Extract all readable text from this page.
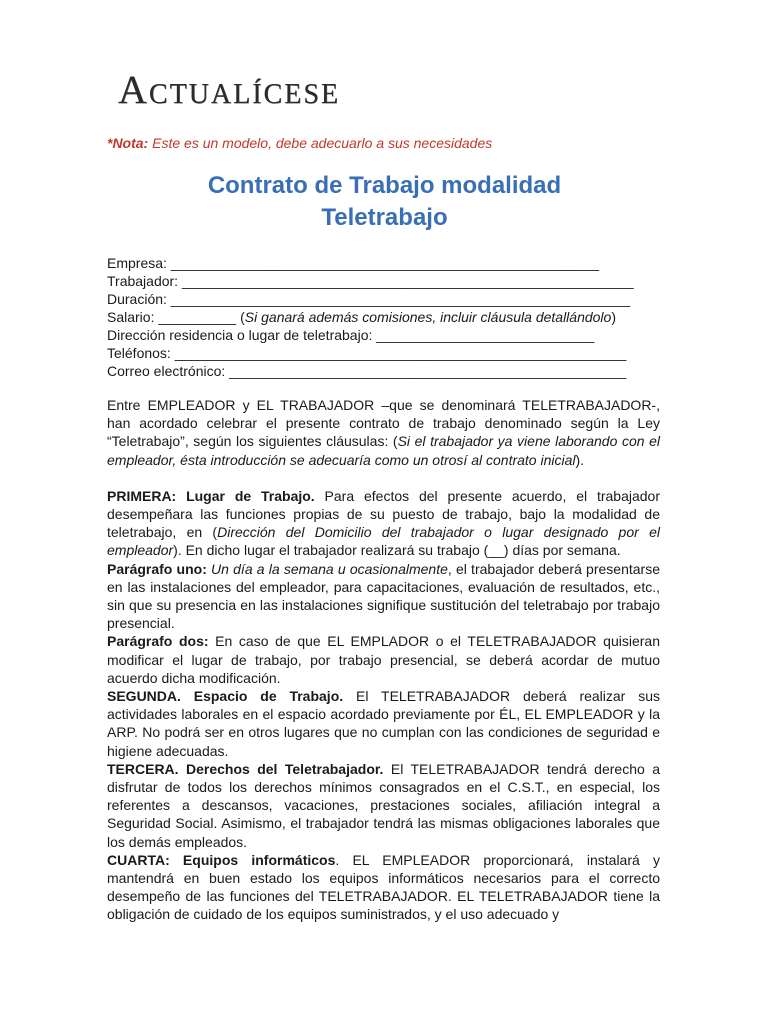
Actualícese
*Nota: Este es un modelo, debe adecuarlo a sus necesidades
Contrato de Trabajo modalidad
Teletrabajo
Empresa: _______________________________________________________
Trabajador: __________________________________________________________
Duración: ___________________________________________________________
Salario: __________ (Si ganará además comisiones, incluir cláusula detallándolo)
Dirección residencia o lugar de teletrabajo: ____________________________
Teléfonos: __________________________________________________________
Correo electrónico: ___________________________________________________

Entre EMPLEADOR y EL TRABAJADOR –que se denominará TELETRABAJADOR-, han acordado celebrar el presente contrato de trabajo denominado según la Ley “Teletrabajo”, según los siguientes cláusulas: (Si el trabajador ya viene laborando con el empleador, ésta introducción se adecuaría como un otrosí al contrato inicial).

PRIMERA: Lugar de Trabajo. Para efectos del presente acuerdo, el trabajador desempeñara las funciones propias de su puesto de trabajo, bajo la modalidad de teletrabajo, en (Dirección del Domicilio del trabajador o lugar designado por el empleador). En dicho lugar el trabajador realizará su trabajo (__) días por semana.

Parágrafo uno: Un día a la semana u ocasionalmente, el trabajador deberá presentarse en las instalaciones del empleador, para capacitaciones, evaluación de resultados, etc., sin que su presencia en las instalaciones signifique sustitución del teletrabajo por trabajo presencial.

Parágrafo dos: En caso de que EL EMPLADOR o el TELETRABAJADOR quisieran modificar el lugar de trabajo, por trabajo presencial, se deberá acordar de mutuo acuerdo dicha modificación.

SEGUNDA. Espacio de Trabajo. El TELETRABAJADOR deberá realizar sus actividades laborales en el espacio acordado previamente por ÉL, EL EMPLEADOR y la ARP. No podrá ser en otros lugares que no cumplan con las condiciones de seguridad e higiene adecuadas.

TERCERA. Derechos del Teletrabajador. El TELETRABAJADOR tendrá derecho a disfrutar de todos los derechos mínimos consagrados en el C.S.T., en especial, los referentes a descansos, vacaciones, prestaciones sociales, afiliación integral a Seguridad Social. Asimismo, el trabajador tendrá las mismas obligaciones laborales que los demás empleados.

CUARTA: Equipos informáticos. EL EMPLEADOR proporcionará, instalará y mantendrá en buen estado los equipos informáticos necesarios para el correcto desempeño de las funciones del TELETRABAJADOR. EL TELETRABAJADOR tiene la obligación de cuidado de los equipos suministrados, y el uso adecuado y
